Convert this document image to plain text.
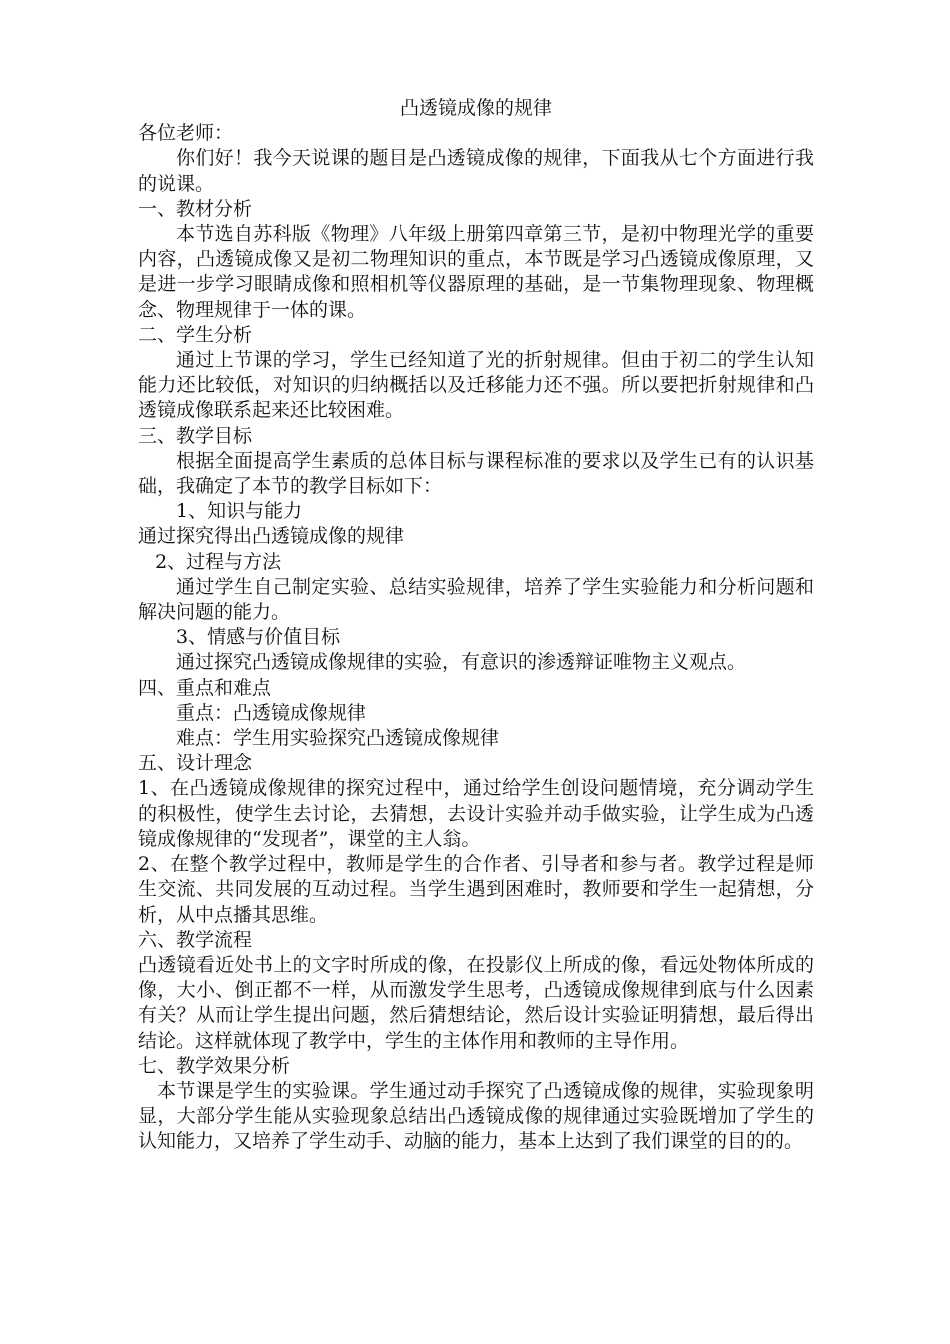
凸透镜成像的规律

各位老师：

你们好！我今天说课的题目是凸透镜成像的规律，下面我从七个方面进行我的说课。

一、教材分析

本节选自苏科版《物理》八年级上册第四章第三节，是初中物理光学的重要内容，凸透镜成像又是初二物理知识的重点，本节既是学习凸透镜成像原理，又是进一步学习眼睛成像和照相机等仪器原理的基础，是一节集物理现象、物理概念、物理规律于一体的课。

二、学生分析

通过上节课的学习，学生已经知道了光的折射规律。但由于初二的学生认知能力还比较低，对知识的归纳概括以及迁移能力还不强。所以要把折射规律和凸透镜成像联系起来还比较困难。

三、教学目标

根据全面提高学生素质的总体目标与课程标准的要求以及学生已有的认识基础，我确定了本节的教学目标如下：

1、知识与能力

通过探究得出凸透镜成像的规律

2、过程与方法

通过学生自己制定实验、总结实验规律，培养了学生实验能力和分析问题和解决问题的能力。

3、情感与价值目标

通过探究凸透镜成像规律的实验，有意识的渗透辩证唯物主义观点。

四、重点和难点

重点：凸透镜成像规律

难点：学生用实验探究凸透镜成像规律

五、设计理念

1、在凸透镜成像规律的探究过程中，通过给学生创设问题情境，充分调动学生的积极性，使学生去讨论，去猜想，去设计实验并动手做实验，让学生成为凸透镜成像规律的“发现者”，课堂的主人翁。

2、在整个教学过程中，教师是学生的合作者、引导者和参与者。教学过程是师生交流、共同发展的互动过程。当学生遇到困难时，教师要和学生一起猜想，分析，从中点播其思维。

六、教学流程

凸透镜看近处书上的文字时所成的像，在投影仪上所成的像，看远处物体所成的像，大小、倒正都不一样，从而激发学生思考，凸透镜成像规律到底与什么因素有关？从而让学生提出问题，然后猜想结论，然后设计实验证明猜想，最后得出结论。这样就体现了教学中，学生的主体作用和教师的主导作用。

七、教学效果分析

本节课是学生的实验课。学生通过动手探究了凸透镜成像的规律，实验现象明显，大部分学生能从实验现象总结出凸透镜成像的规律通过实验既增加了学生的认知能力，又培养了学生动手、动脑的能力，基本上达到了我们课堂的目的的。
